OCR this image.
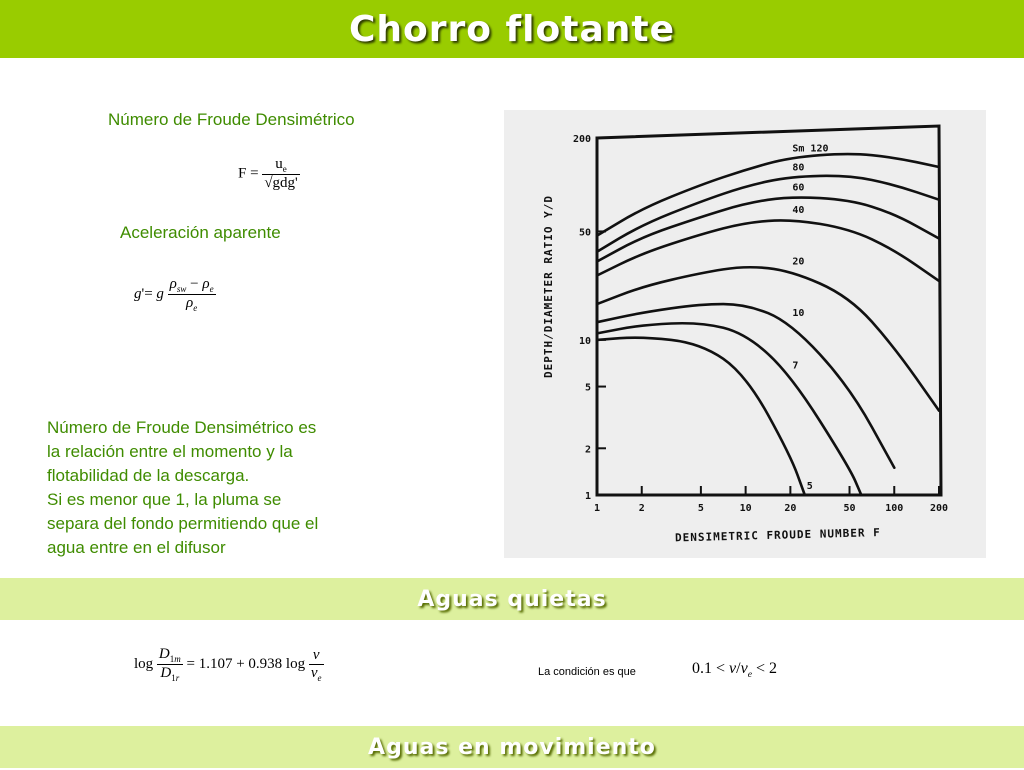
Chorro flotante
Número de Froude Densimétrico
$F = \frac{u_e}{\text{√gdg'}}$
Aceleración aparente
g'= g $\frac{\rho_{sw} - \rho_e}{\rho_e}$
Número de Froude Densimétrico es
la relación entre el momento y la
flotabilidad de la descarga.
Si es menor que 1, la pluma se
separa del fondo permitiendo que el
agua entre en el difusor
1	2	5	10	20	50	100	200
1
2
5
10
50
200
Sm 120
80
60
40
20
10
7
5
DENSIMETRIC FROUDE NUMBER F
DEPTH/DIAMETER RATIO Y/D
Aguas quietas
$\log \frac{D_{1m}}{D_{1r}} = 1.107 + 0.938$ $\log \frac{v}{v_e}$	La condición es que	$0.1 < v/v_e < 2$
Aguas en movimiento
